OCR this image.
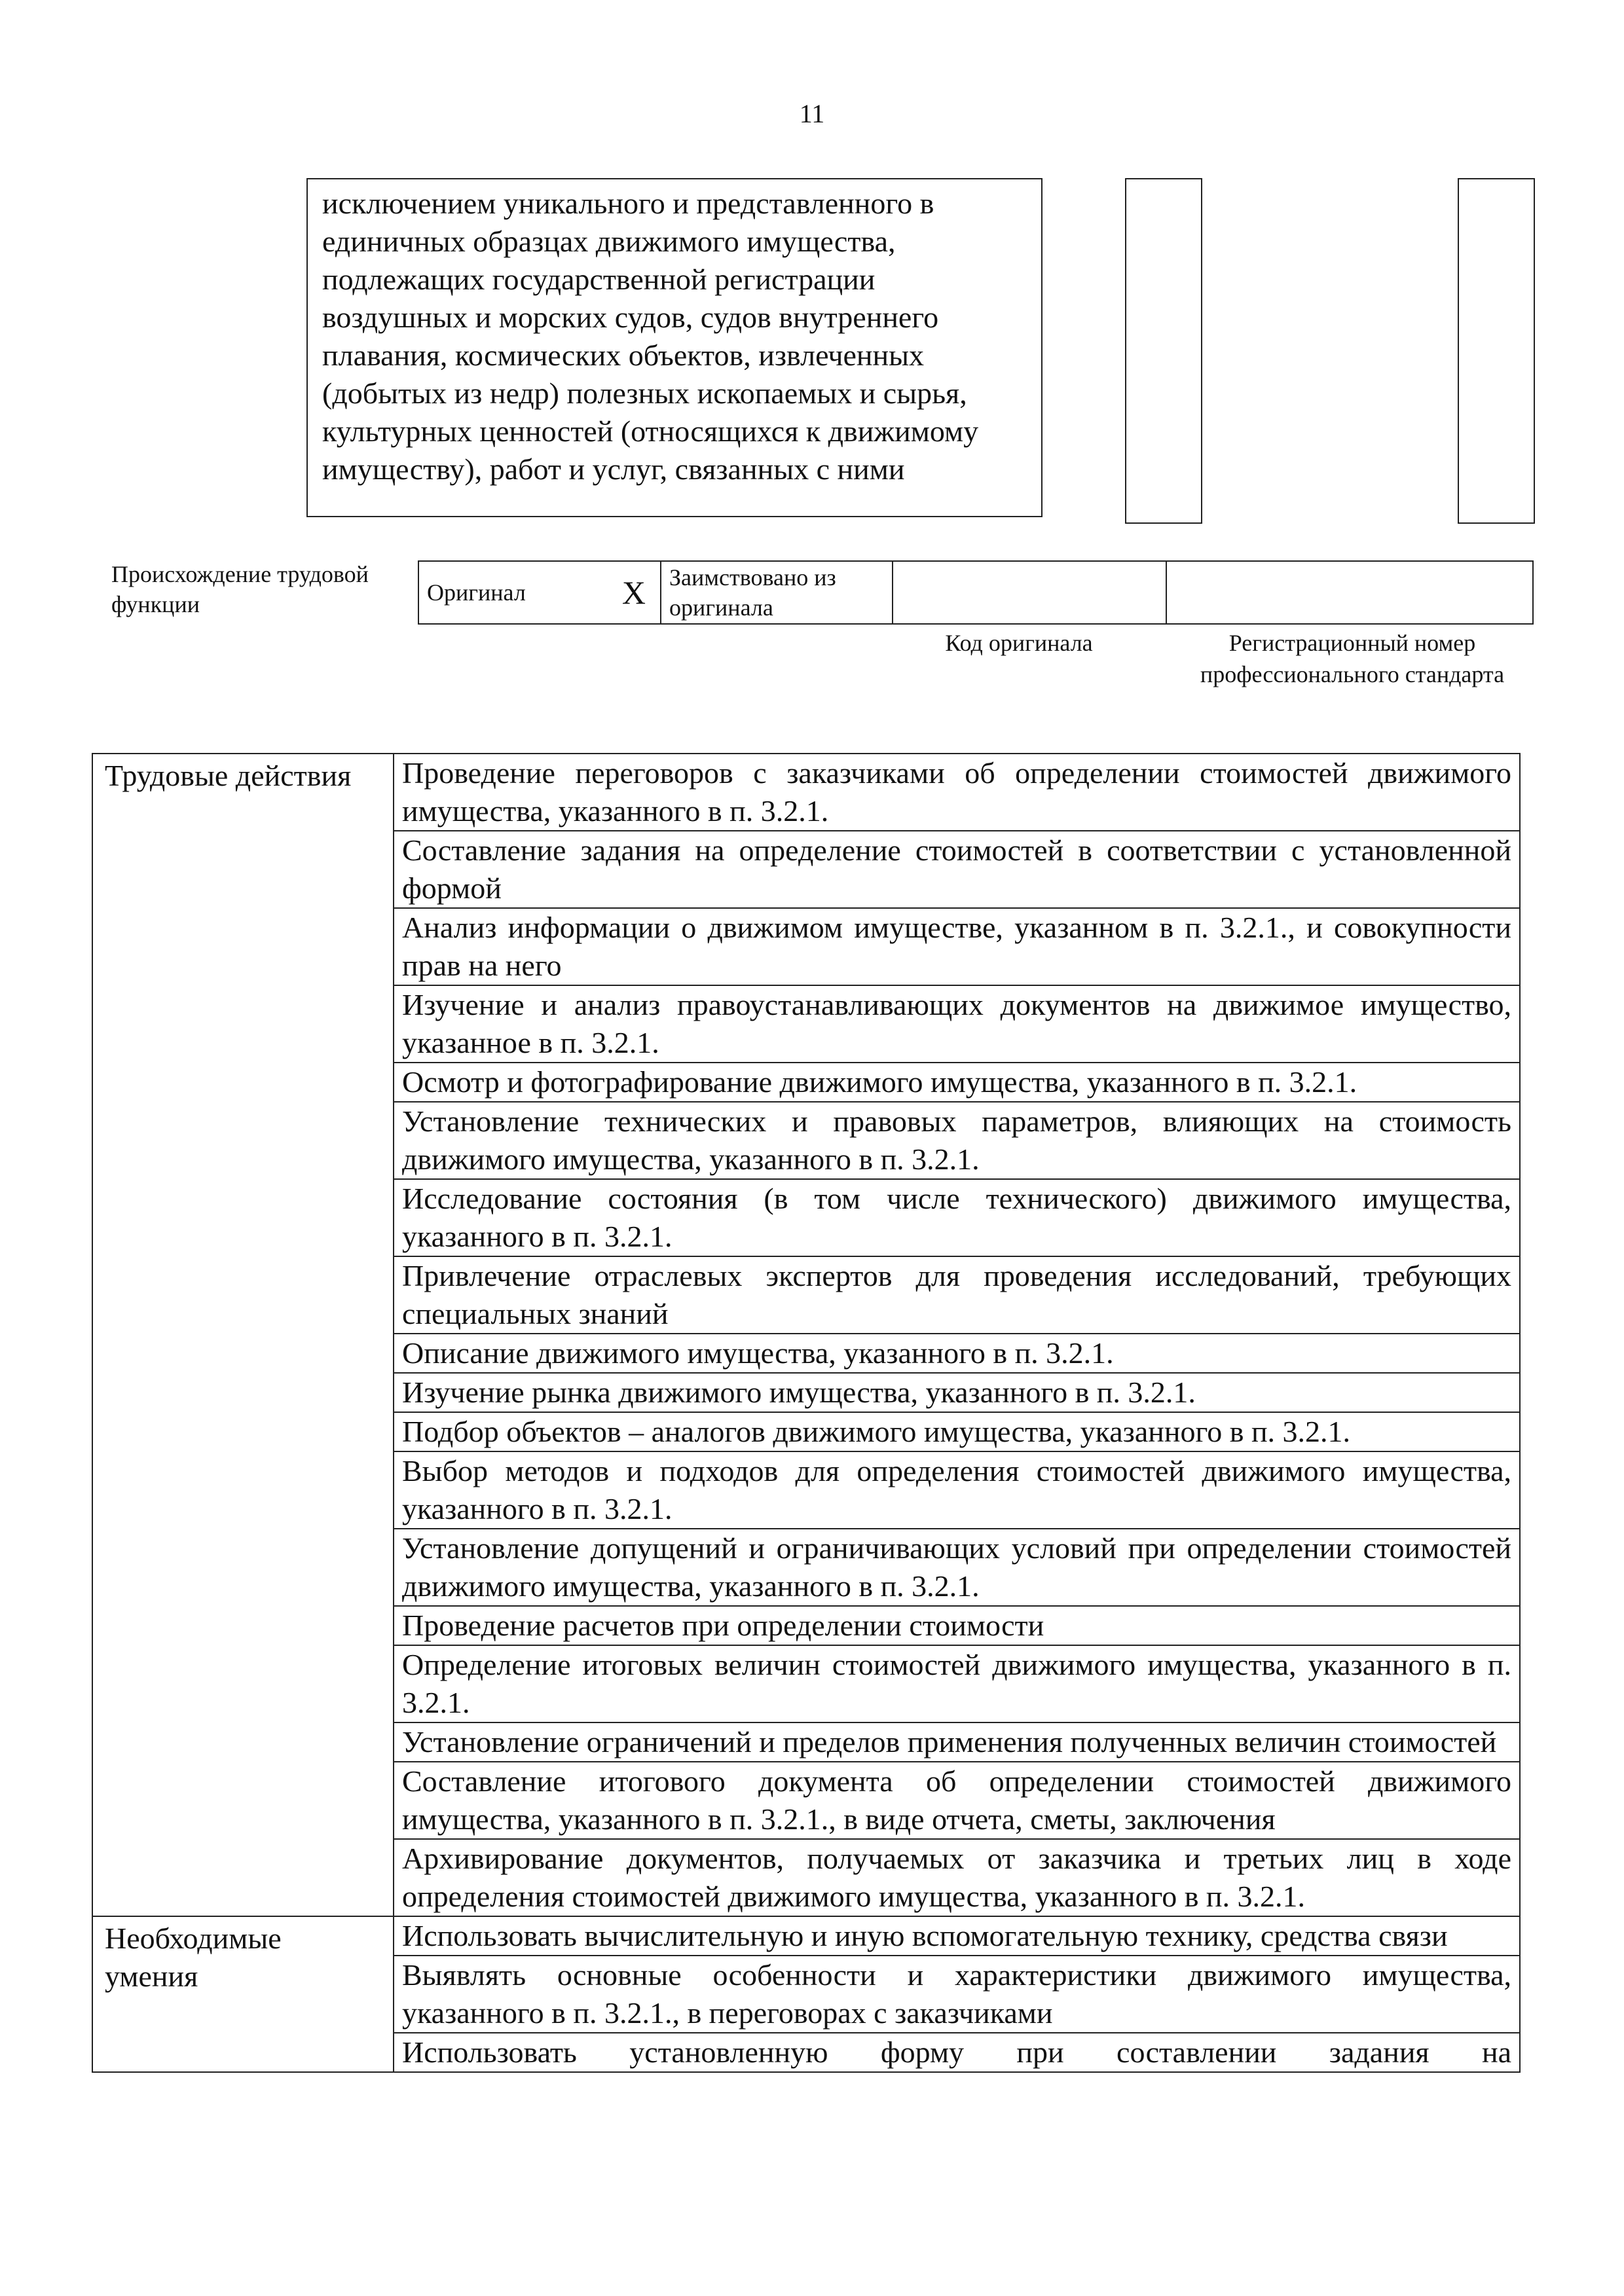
11
исключением уникального и представленного в единичных образцах движимого имущества, подлежащих государственной регистрации воздушных и морских судов, судов внутреннего плавания, космических объектов, извлеченных (добытых из недр) полезных ископаемых и сырья, культурных ценностей (относящихся к движимому имуществу), работ и услуг, связанных с ними
Происхождение трудовой функции	Оригинал	X	Заимствовано из оригинала

Код оригинала	Регистрационный номер профессионального стандарта
Трудовые действия	Проведение переговоров с заказчиками об определении стоимостей движимого имущества, указанного в п. 3.2.1.
	Составление задания на определение стоимостей в соответствии с установленной формой
	Анализ информации о движимом имуществе, указанном в п. 3.2.1., и совокупности прав на него
	Изучение и анализ правоустанавливающих документов на движимое имущество, указанное в п. 3.2.1.
	Осмотр и фотографирование движимого имущества, указанного в п. 3.2.1.
	Установление технических и правовых параметров, влияющих на стоимость движимого имущества, указанного в п. 3.2.1.
	Исследование состояния (в том числе технического) движимого имущества, указанного в п. 3.2.1.
	Привлечение отраслевых экспертов для проведения исследований, требующих специальных знаний
	Описание движимого имущества, указанного в п. 3.2.1.
	Изучение рынка движимого имущества, указанного в п. 3.2.1.
	Подбор объектов – аналогов движимого имущества, указанного в п. 3.2.1.
	Выбор методов и подходов для определения стоимостей движимого имущества, указанного в п. 3.2.1.
	Установление допущений и ограничивающих условий при определении стоимостей движимого имущества, указанного в п. 3.2.1.
	Проведение расчетов при определении стоимости
	Определение итоговых величин стоимостей движимого имущества, указанного в п. 3.2.1.
	Установление ограничений и пределов применения полученных величин стоимостей
	Составление итогового документа об определении стоимостей движимого имущества, указанного в п. 3.2.1., в виде отчета, сметы, заключения
	Архивирование документов, получаемых от заказчика и третьих лиц в ходе определения стоимостей движимого имущества, указанного в п. 3.2.1.
Необходимые умения	Использовать вычислительную и иную вспомогательную технику, средства связи
	Выявлять основные особенности и характеристики движимого имущества, указанного в п. 3.2.1., в переговорах с заказчиками
	Использовать установленную форму при составлении задания на
